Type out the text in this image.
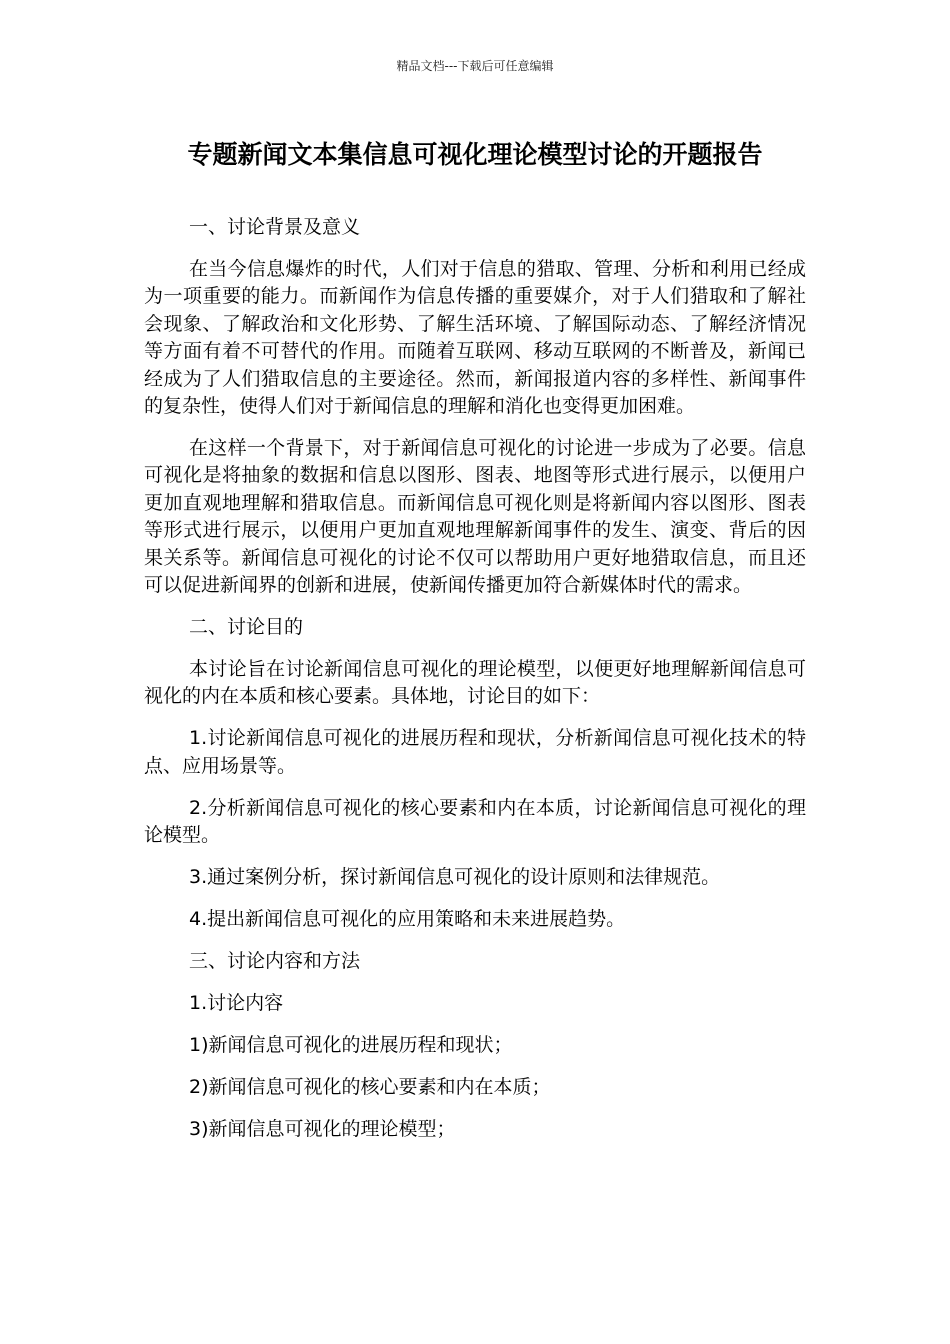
精品文档---下载后可任意编辑
专题新闻文本集信息可视化理论模型讨论的开题报告

一、讨论背景及意义

在当今信息爆炸的时代，人们对于信息的猎取、管理、分析和利用已经成为一项重要的能力。而新闻作为信息传播的重要媒介，对于人们猎取和了解社会现象、了解政治和文化形势、了解生活环境、了解国际动态、了解经济情况等方面有着不可替代的作用。而随着互联网、移动互联网的不断普及，新闻已经成为了人们猎取信息的主要途径。然而，新闻报道内容的多样性、新闻事件的复杂性，使得人们对于新闻信息的理解和消化也变得更加困难。

在这样一个背景下，对于新闻信息可视化的讨论进一步成为了必要。信息可视化是将抽象的数据和信息以图形、图表、地图等形式进行展示，以便用户更加直观地理解和猎取信息。而新闻信息可视化则是将新闻内容以图形、图表等形式进行展示，以便用户更加直观地理解新闻事件的发生、演变、背后的因果关系等。新闻信息可视化的讨论不仅可以帮助用户更好地猎取信息，而且还可以促进新闻界的创新和进展，使新闻传播更加符合新媒体时代的需求。

二、讨论目的

本讨论旨在讨论新闻信息可视化的理论模型，以便更好地理解新闻信息可视化的内在本质和核心要素。具体地，讨论目的如下：

1.讨论新闻信息可视化的进展历程和现状，分析新闻信息可视化技术的特点、应用场景等。

2.分析新闻信息可视化的核心要素和内在本质，讨论新闻信息可视化的理论模型。

3.通过案例分析，探讨新闻信息可视化的设计原则和法律规范。

4.提出新闻信息可视化的应用策略和未来进展趋势。

三、讨论内容和方法

1.讨论内容

1)新闻信息可视化的进展历程和现状；

2)新闻信息可视化的核心要素和内在本质；

3)新闻信息可视化的理论模型；
